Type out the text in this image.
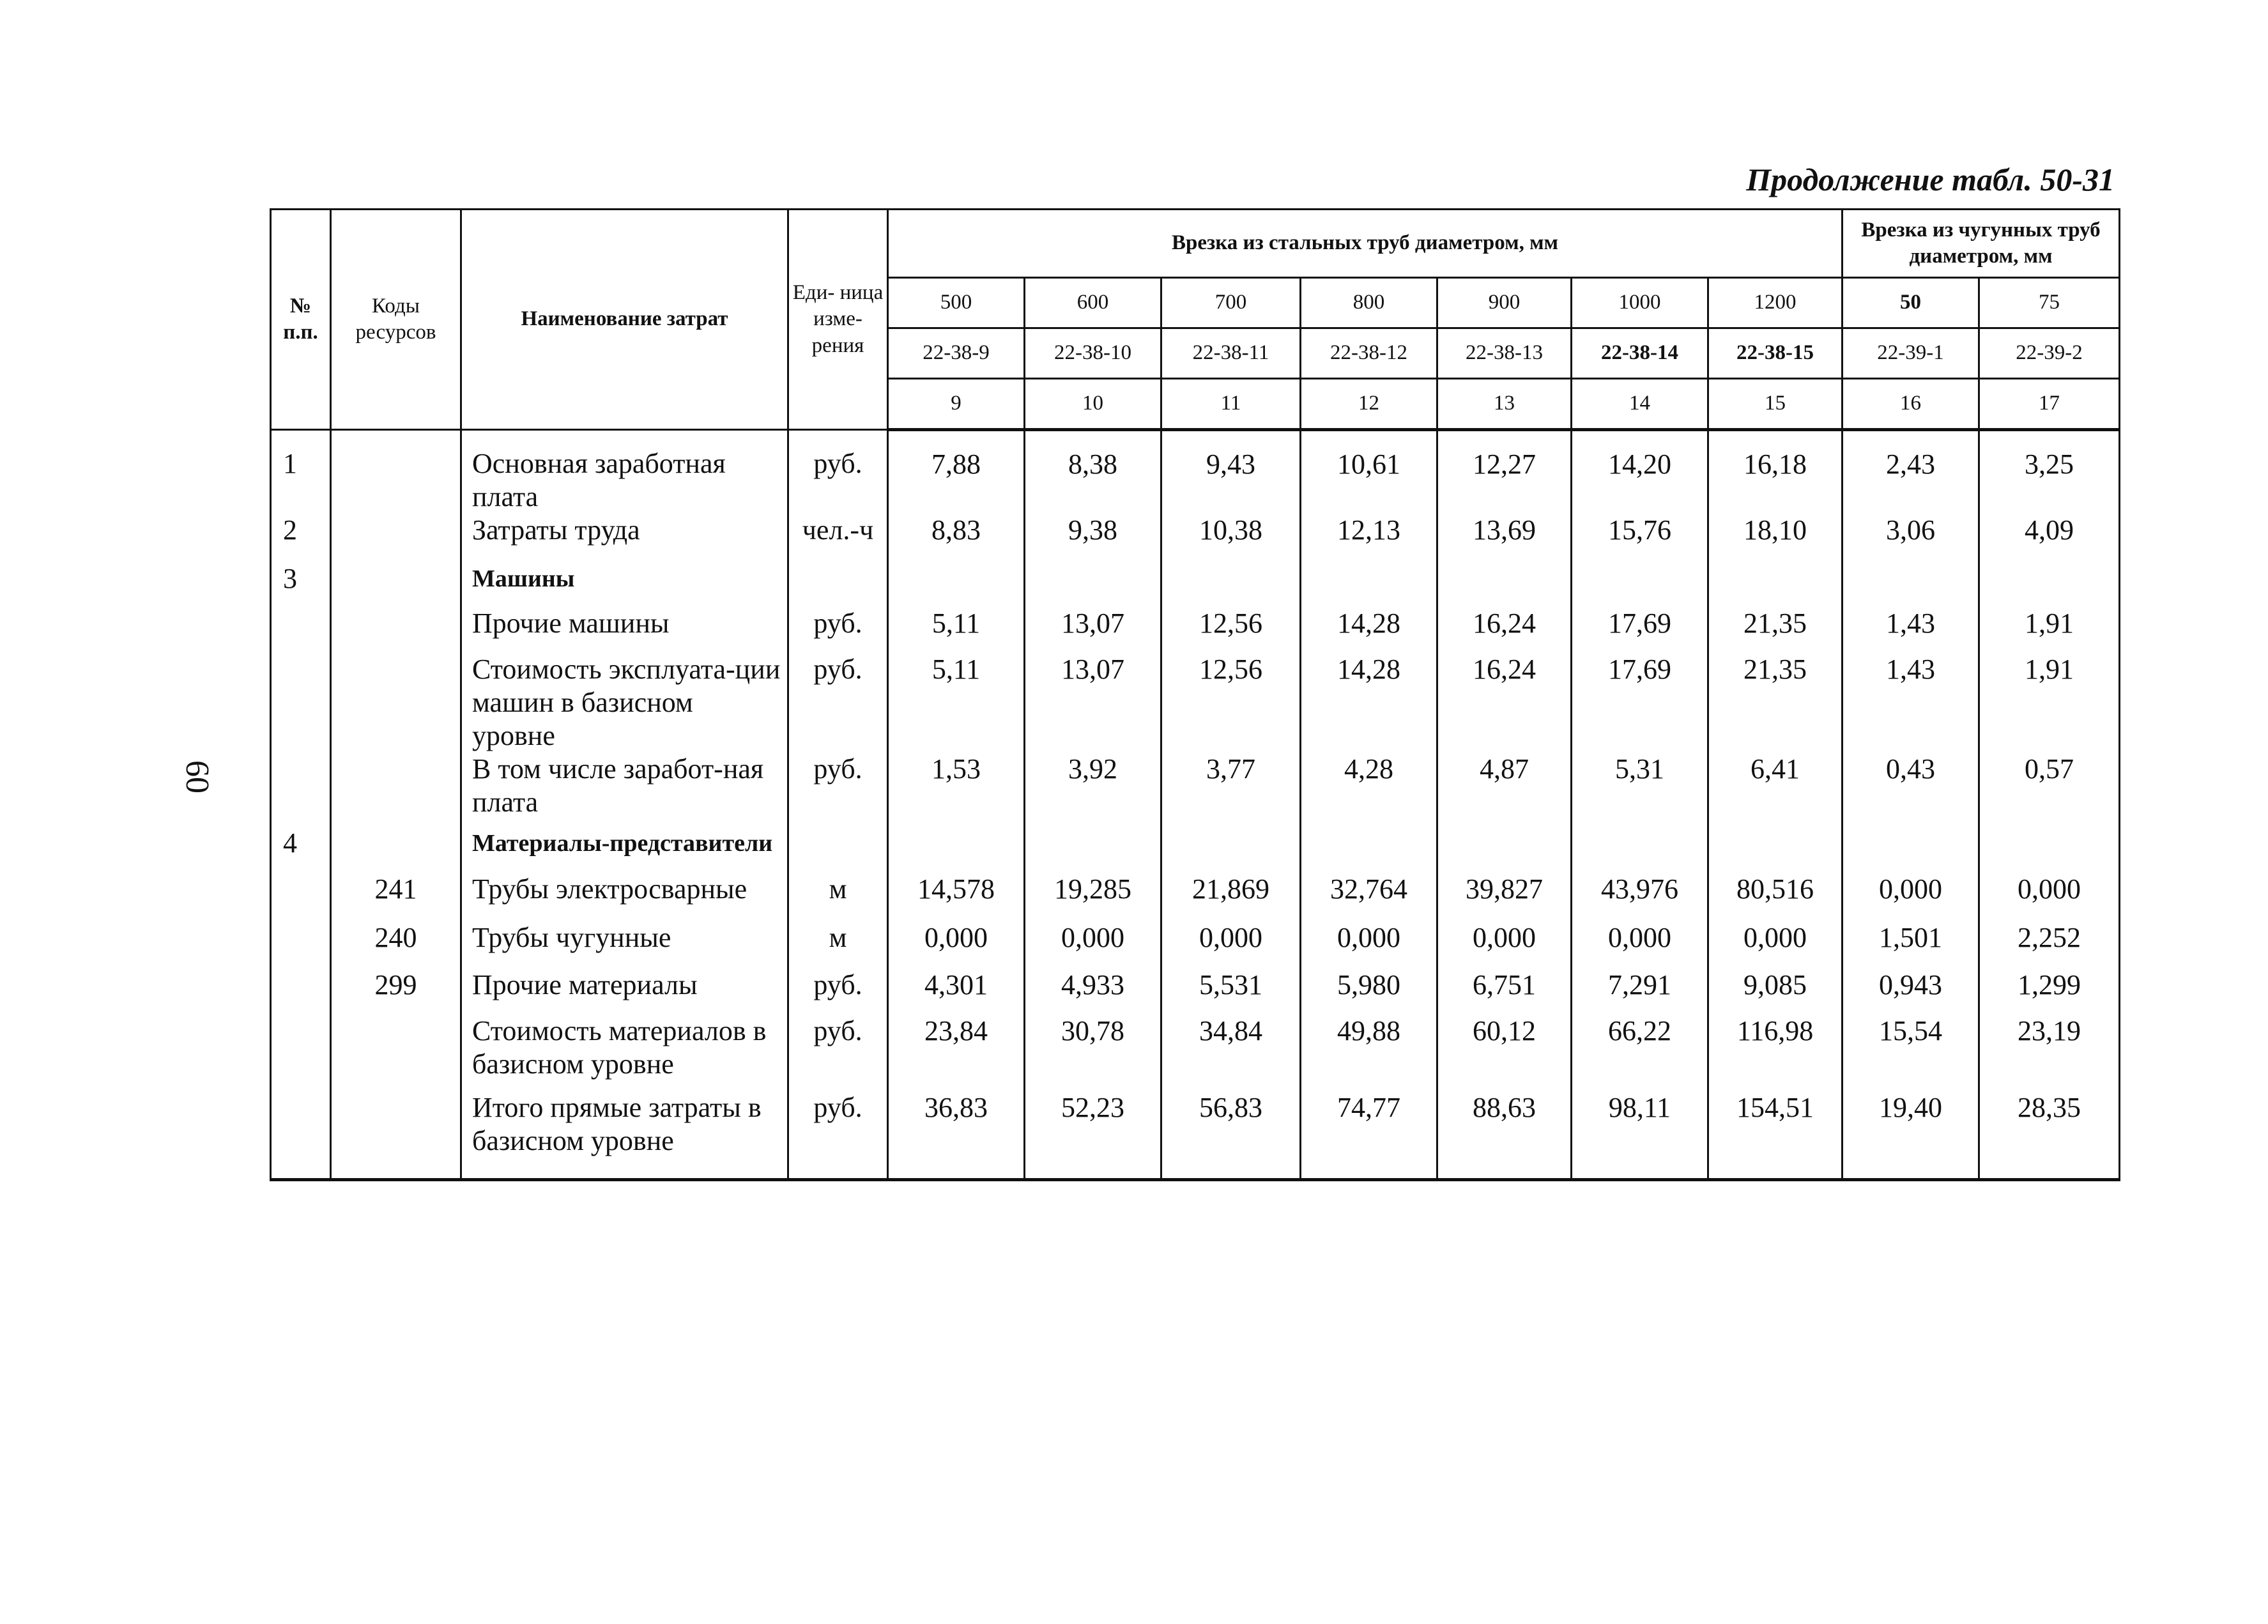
60
Продолжение табл. 50-31
№ п.п.	Коды ресурсов	Наименование затрат	Еди- ница изме- рения	Врезка из стальных труб диаметром, мм							Врезка из чугунных труб диаметром, мм	
				500	600	700	800	900	1000	1200	50	75
				22-38-9	22-38-10	22-38-11	22-38-12	22-38-13	22-38-14	22-38-15	22-39-1	22-39-2
				9	10	11	12	13	14	15	16	17
1		Основная заработная плата	руб.	7,88	8,38	9,43	10,61	12,27	14,20	16,18	2,43	3,25
2		Затраты труда	чел.-ч	8,83	9,38	10,38	12,13	13,69	15,76	18,10	3,06	4,09
3		Машины										
		Прочие машины	руб.	5,11	13,07	12,56	14,28	16,24	17,69	21,35	1,43	1,91
		Стоимость эксплуата-ции машин в базисном уровне	руб.	5,11	13,07	12,56	14,28	16,24	17,69	21,35	1,43	1,91
		В том числе заработ-ная плата	руб.	1,53	3,92	3,77	4,28	4,87	5,31	6,41	0,43	0,57
4		Материалы-представители										
	241	Трубы электросварные	м	14,578	19,285	21,869	32,764	39,827	43,976	80,516	0,000	0,000
	240	Трубы чугунные	м	0,000	0,000	0,000	0,000	0,000	0,000	0,000	1,501	2,252
	299	Прочие материалы	руб.	4,301	4,933	5,531	5,980	6,751	7,291	9,085	0,943	1,299
		Стоимость материалов в базисном уровне	руб.	23,84	30,78	34,84	49,88	60,12	66,22	116,98	15,54	23,19
		Итого прямые затраты в базисном уровне	руб.	36,83	52,23	56,83	74,77	88,63	98,11	154,51	19,40	28,35
